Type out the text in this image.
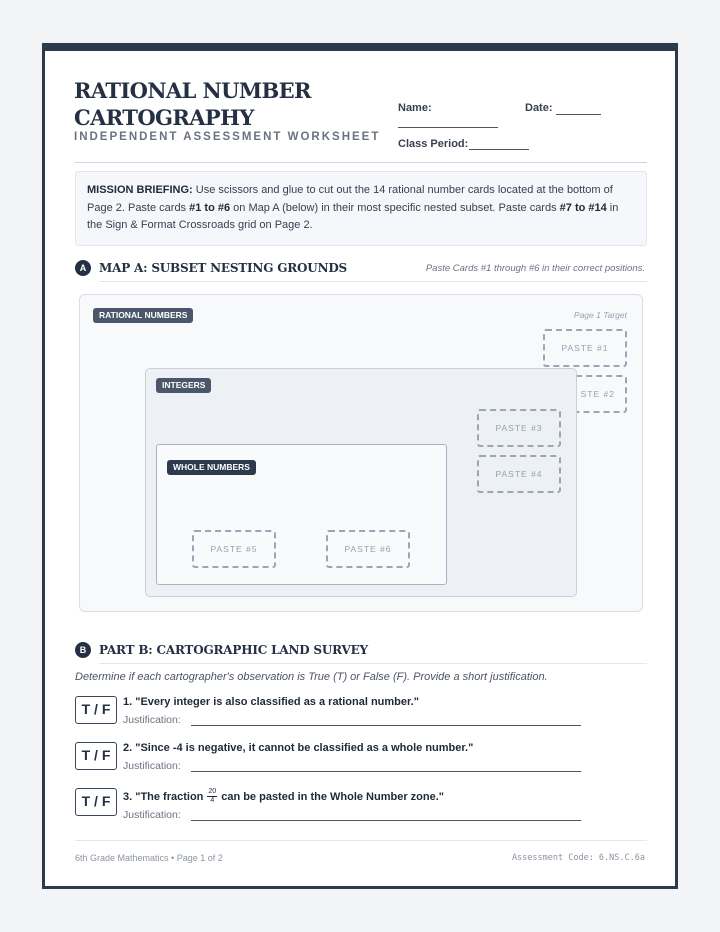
RATIONAL NUMBER CARTOGRAPHY
INDEPENDENT ASSESSMENT WORKSHEET
Name:	Date:
Class Period:
MISSION BRIEFING: Use scissors and glue to cut out the 14 rational number cards located at the bottom of Page 2. Paste cards #1 to #6 on Map A (below) in their most specific nested subset. Paste cards #7 to #14 in the Sign & Format Crossroads grid on Page 2.
A	MAP A: SUBSET NESTING GROUNDS	Paste Cards #1 through #6 in their correct positions.
RATIONAL NUMBERS	Page 1 Target
PASTE #1
STE #2
INTEGERS
PASTE #3
PASTE #4
WHOLE NUMBERS
PASTE #5	PASTE #6
B	PART B: CARTOGRAPHIC LAND SURVEY
Determine if each cartographer's observation is True (T) or False (F). Provide a short justification.
T / F	1. "Every integer is also classified as a rational number."
Justification:
T / F	2. "Since -4 is negative, it cannot be classified as a whole number."
Justification:
T / F	3. "The fraction $\frac{20}{4}$ can be pasted in the Whole Number zone."
Justification:
6th Grade Mathematics • Page 1 of 2	Assessment Code: 6.NS.C.6a
